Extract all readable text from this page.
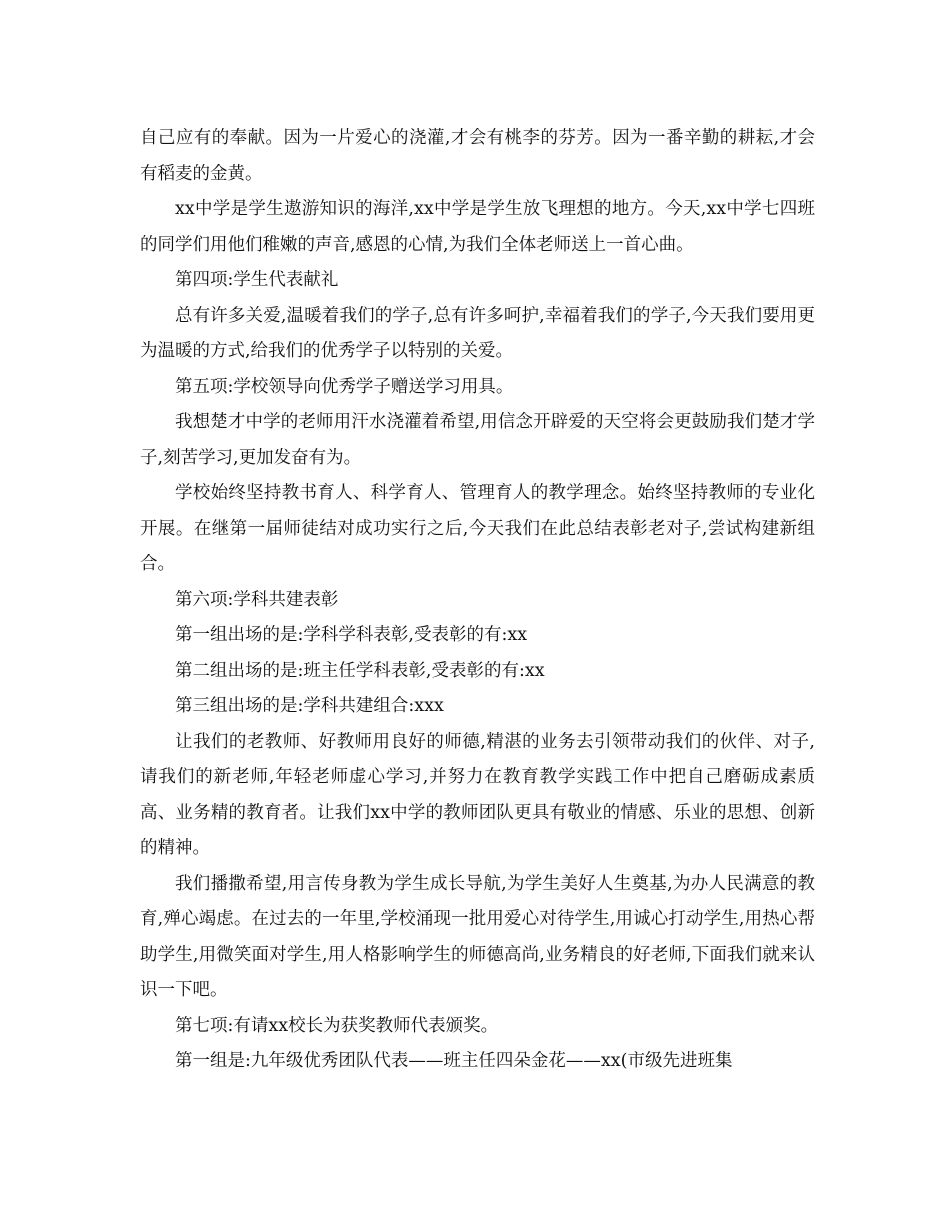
自己应有的奉献。因为一片爱心的浇灌,才会有桃李的芬芳。因为一番辛勤的耕耘,才会有稻麦的金黄。

xx中学是学生遨游知识的海洋,xx中学是学生放飞理想的地方。今天,xx中学七四班的同学们用他们稚嫩的声音,感恩的心情,为我们全体老师送上一首心曲。

第四项:学生代表献礼

总有许多关爱,温暖着我们的学子,总有许多呵护,幸福着我们的学子,今天我们要用更为温暖的方式,给我们的优秀学子以特别的关爱。

第五项:学校领导向优秀学子赠送学习用具。

我想楚才中学的老师用汗水浇灌着希望,用信念开辟爱的天空将会更鼓励我们楚才学子,刻苦学习,更加发奋有为。

学校始终坚持教书育人、科学育人、管理育人的教学理念。始终坚持教师的专业化开展。在继第一届师徒结对成功实行之后,今天我们在此总结表彰老对子,尝试构建新组合。

第六项:学科共建表彰

第一组出场的是:学科学科表彰,受表彰的有:xx

第二组出场的是:班主任学科表彰,受表彰的有:xx

第三组出场的是:学科共建组合:xxx

让我们的老教师、好教师用良好的师德,精湛的业务去引领带动我们的伙伴、对子,请我们的新老师,年轻老师虚心学习,并努力在教育教学实践工作中把自己磨砺成素质高、业务精的教育者。让我们xx中学的教师团队更具有敬业的情感、乐业的思想、创新的精神。

我们播撒希望,用言传身教为学生成长导航,为学生美好人生奠基,为办人民满意的教育,殚心竭虑。在过去的一年里,学校涌现一批用爱心对待学生,用诚心打动学生,用热心帮助学生,用微笑面对学生,用人格影响学生的师德高尚,业务精良的好老师,下面我们就来认识一下吧。

第七项:有请xx校长为获奖教师代表颁奖。

第一组是:九年级优秀团队代表——班主任四朵金花——xx(市级先进班集
